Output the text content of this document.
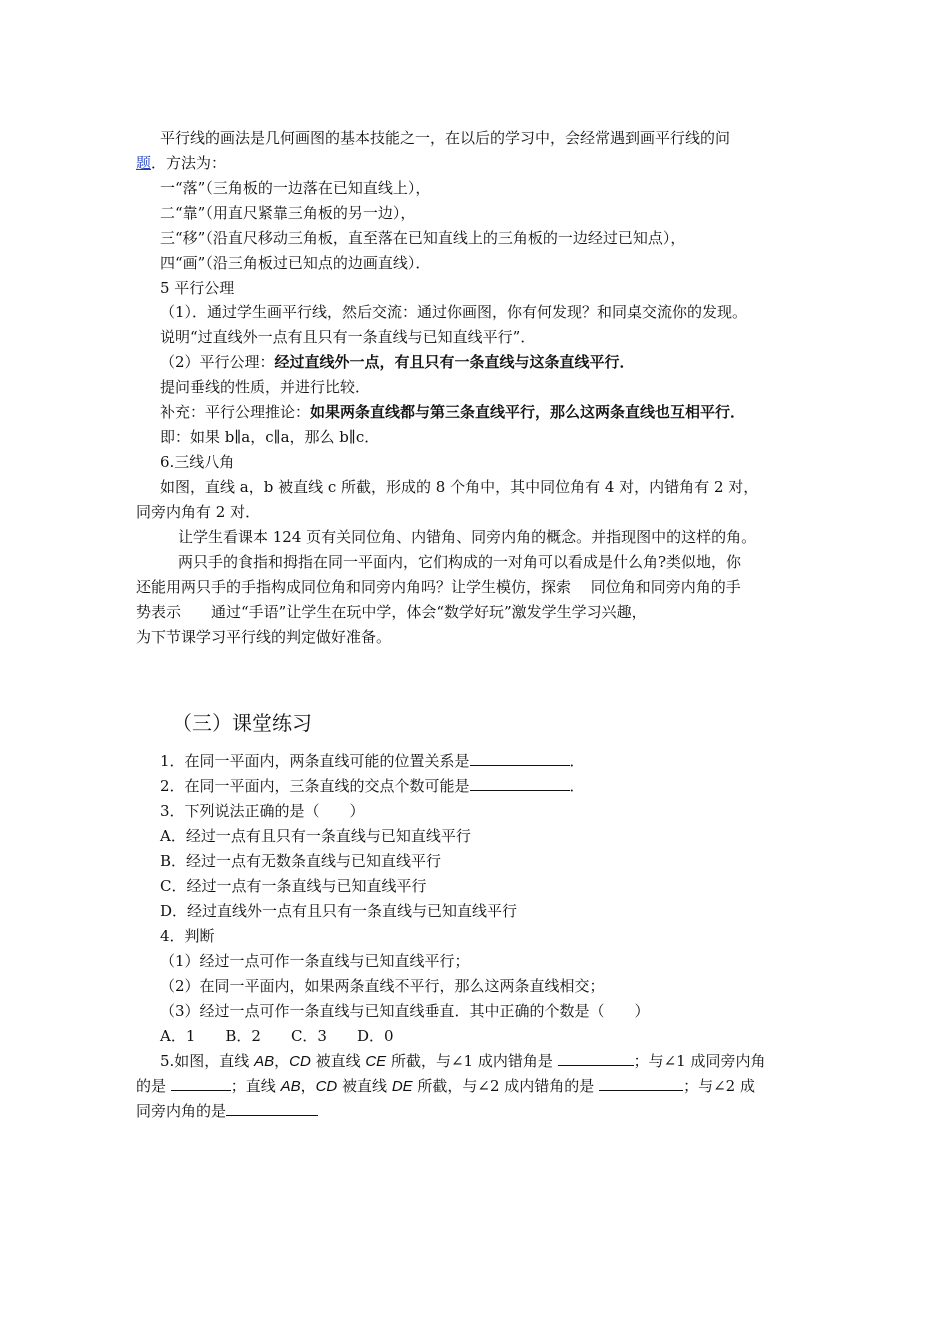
平行线的画法是几何画图的基本技能之一，在以后的学习中，会经常遇到画平行线的问
题．方法为：
一“落”（三角板的一边落在已知直线上），
二“靠”（用直尺紧靠三角板的另一边），
三“移”（沿直尺移动三角板，直至落在已知直线上的三角板的一边经过已知点），
四“画”（沿三角板过已知点的边画直线）．
5 平行公理
（1）．通过学生画平行线，然后交流：通过你画图，你有何发现？和同桌交流你的发现。
说明“过直线外一点有且只有一条直线与已知直线平行”．
（2）平行公理：经过直线外一点，有且只有一条直线与这条直线平行．
提问垂线的性质，并进行比较．
补充：平行公理推论：如果两条直线都与第三条直线平行，那么这两条直线也互相平行．
即：如果 b∥a，c∥a，那么 b∥c．
6.三线八角
如图，直线 a，b 被直线 c 所截，形成的 8 个角中，其中同位角有 4 对，内错角有 2 对，
同旁内角有 2 对．
让学生看课本 124 页有关同位角、内错角、同旁内角的概念。并指现图中的这样的角。
两只手的食指和拇指在同一平面内，它们构成的一对角可以看成是什么角?类似地，你
还能用两只手的手指构成同位角和同旁内角吗？让学生模仿，探索　 同位角和同旁内角的手
势表示　　通过“手语”让学生在玩中学，体会“数学好玩”激发学生学习兴趣，
为下节课学习平行线的判定做好准备。
（三）课堂练习
1．在同一平面内，两条直线可能的位置关系是	．
2．在同一平面内，三条直线的交点个数可能是	．
3．下列说法正确的是（　　）
A．经过一点有且只有一条直线与已知直线平行
B．经过一点有无数条直线与已知直线平行
C．经过一点有一条直线与已知直线平行
D．经过直线外一点有且只有一条直线与已知直线平行
4．判断
（1）经过一点可作一条直线与已知直线平行；
（2）在同一平面内，如果两条直线不平行，那么这两条直线相交；
（3）经过一点可作一条直线与已知直线垂直．其中正确的个数是（　　）
A．1　　B．2　　C．3　　D．0
5.如图，直线 AB，CD 被直线 CE 所截，与∠1 成内错角是	；与∠1 成同旁内角
的是	；直线 AB，CD 被直线 DE 所截，与∠2 成内错角的是	；与∠2 成
同旁内角的是
